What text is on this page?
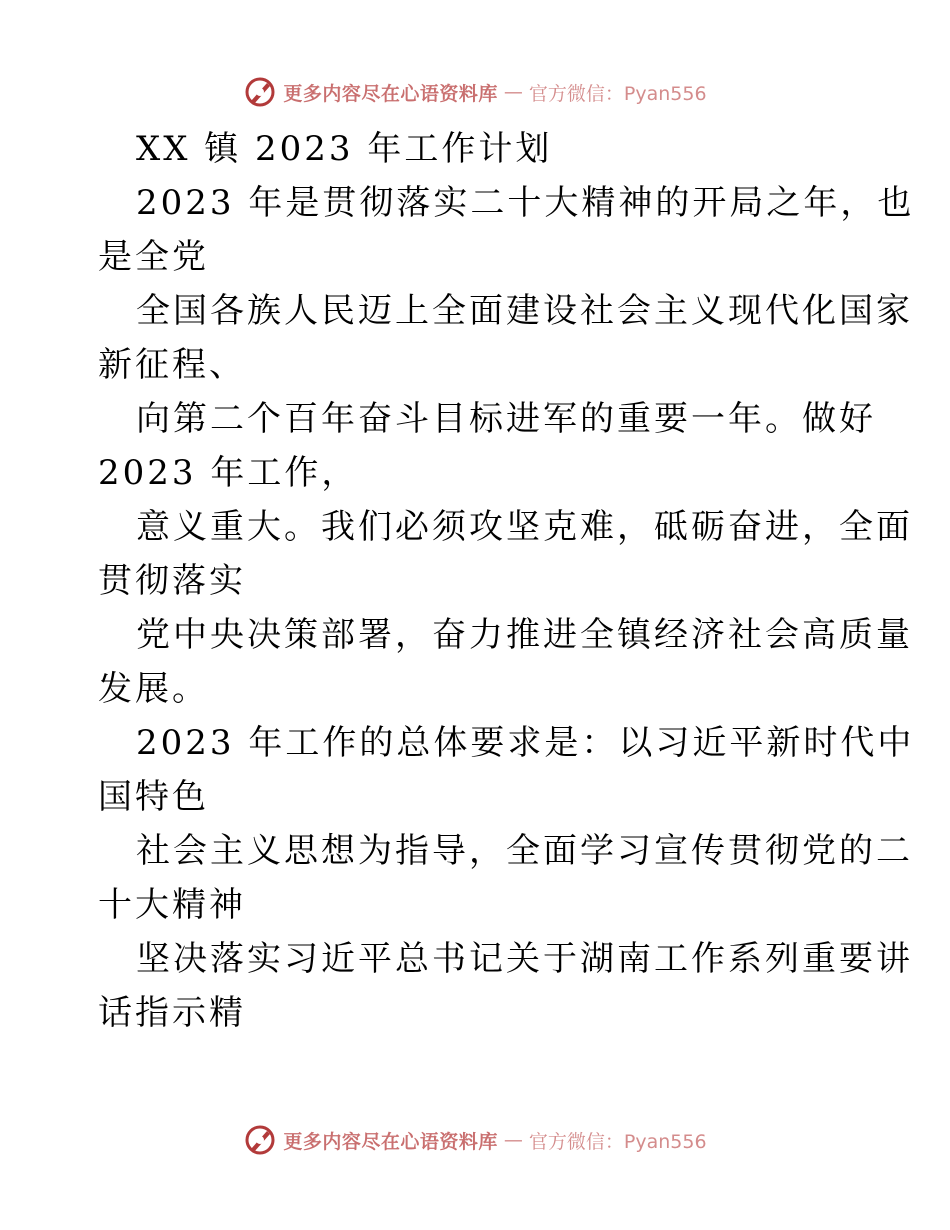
更多内容尽在心语资料库 — 官方微信：Pyan556
XX 镇 2023 年工作计划
2023 年是贯彻落实二十大精神的开局之年，也
是全党
全国各族人民迈上全面建设社会主义现代化国家
新征程、
向第二个百年奋斗目标进军的重要一年。做好
2023 年工作，
意义重大。我们必须攻坚克难，砥砺奋进，全面
贯彻落实
党中央决策部署，奋力推进全镇经济社会高质量
发展。
2023 年工作的总体要求是：以习近平新时代中
国特色
社会主义思想为指导，全面学习宣传贯彻党的二
十大精神
坚决落实习近平总书记关于湖南工作系列重要讲
话指示精
更多内容尽在心语资料库 — 官方微信：Pyan556
